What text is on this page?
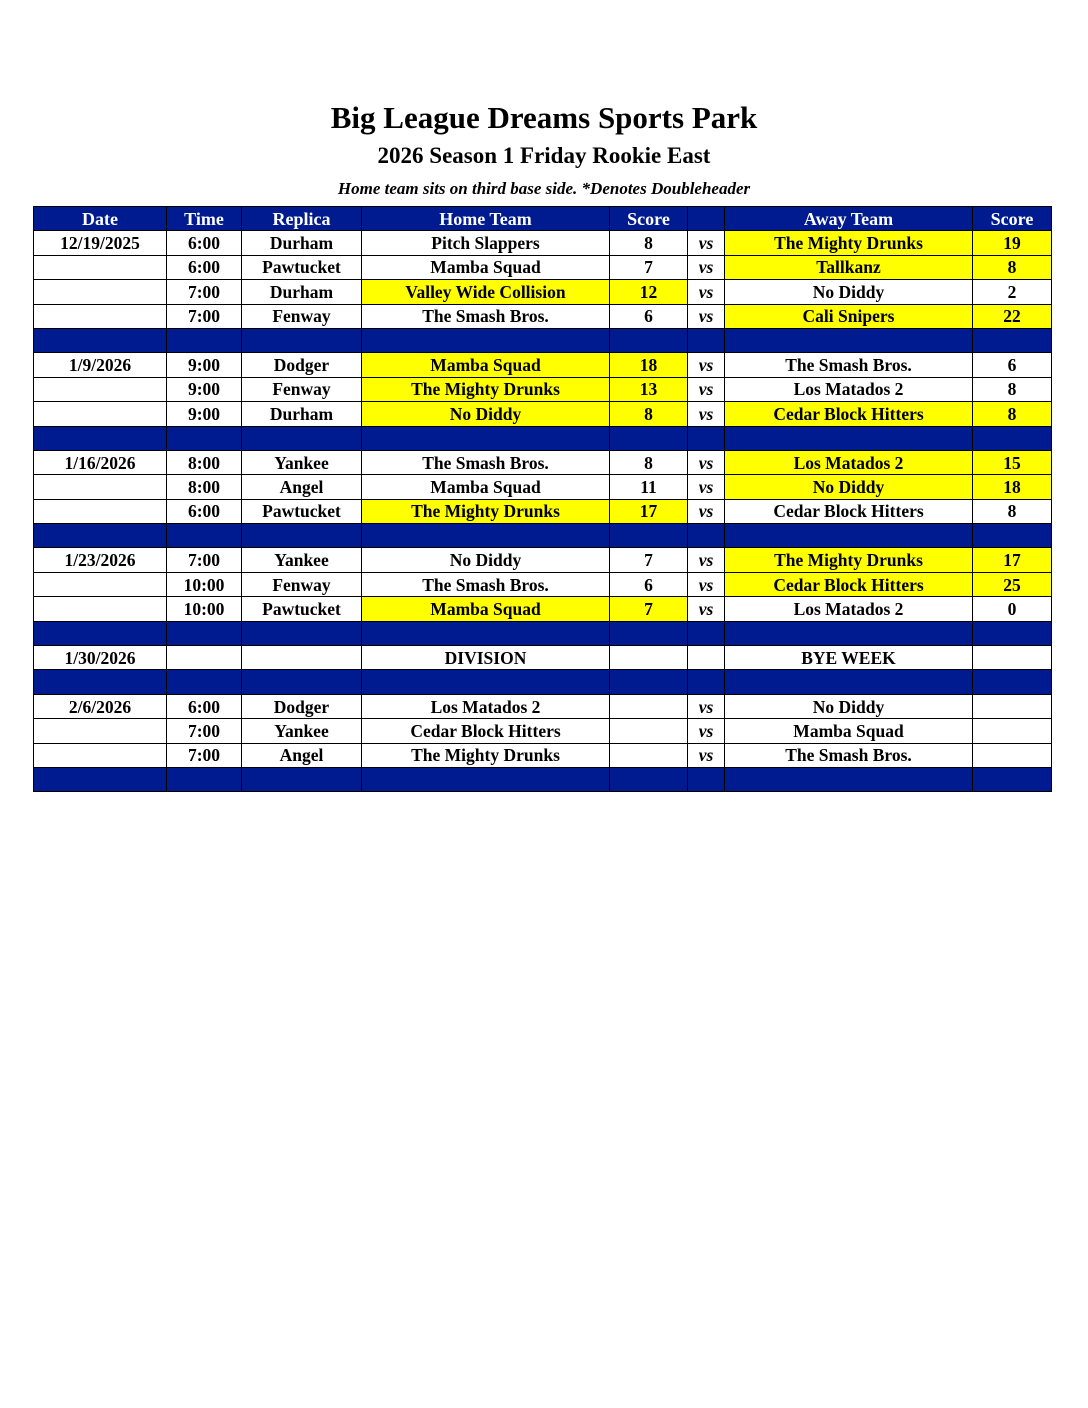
Big League Dreams Sports Park
2026 Season 1 Friday Rookie East
Home team sits on third base side. *Denotes Doubleheader
Date	Time	Replica	Home Team	Score		Away Team	Score
12/19/2025	6:00	Durham	Pitch Slappers	8	vs	The Mighty Drunks	19
	6:00	Pawtucket	Mamba Squad	7	vs	Tallkanz	8
	7:00	Durham	Valley Wide Collision	12	vs	No Diddy	2
	7:00	Fenway	The Smash Bros.	6	vs	Cali Snipers	22

1/9/2026	9:00	Dodger	Mamba Squad	18	vs	The Smash Bros.	6
	9:00	Fenway	The Mighty Drunks	13	vs	Los Matados 2	8
	9:00	Durham	No Diddy	8	vs	Cedar Block Hitters	8

1/16/2026	8:00	Yankee	The Smash Bros.	8	vs	Los Matados 2	15
	8:00	Angel	Mamba Squad	11	vs	No Diddy	18
	6:00	Pawtucket	The Mighty Drunks	17	vs	Cedar Block Hitters	8

1/23/2026	7:00	Yankee	No Diddy	7	vs	The Mighty Drunks	17
	10:00	Fenway	The Smash Bros.	6	vs	Cedar Block Hitters	25
	10:00	Pawtucket	Mamba Squad	7	vs	Los Matados 2	0

1/30/2026			DIVISION			BYE WEEK	

2/6/2026	6:00	Dodger	Los Matados 2		vs	No Diddy	
	7:00	Yankee	Cedar Block Hitters		vs	Mamba Squad	
	7:00	Angel	The Mighty Drunks		vs	The Smash Bros.	
